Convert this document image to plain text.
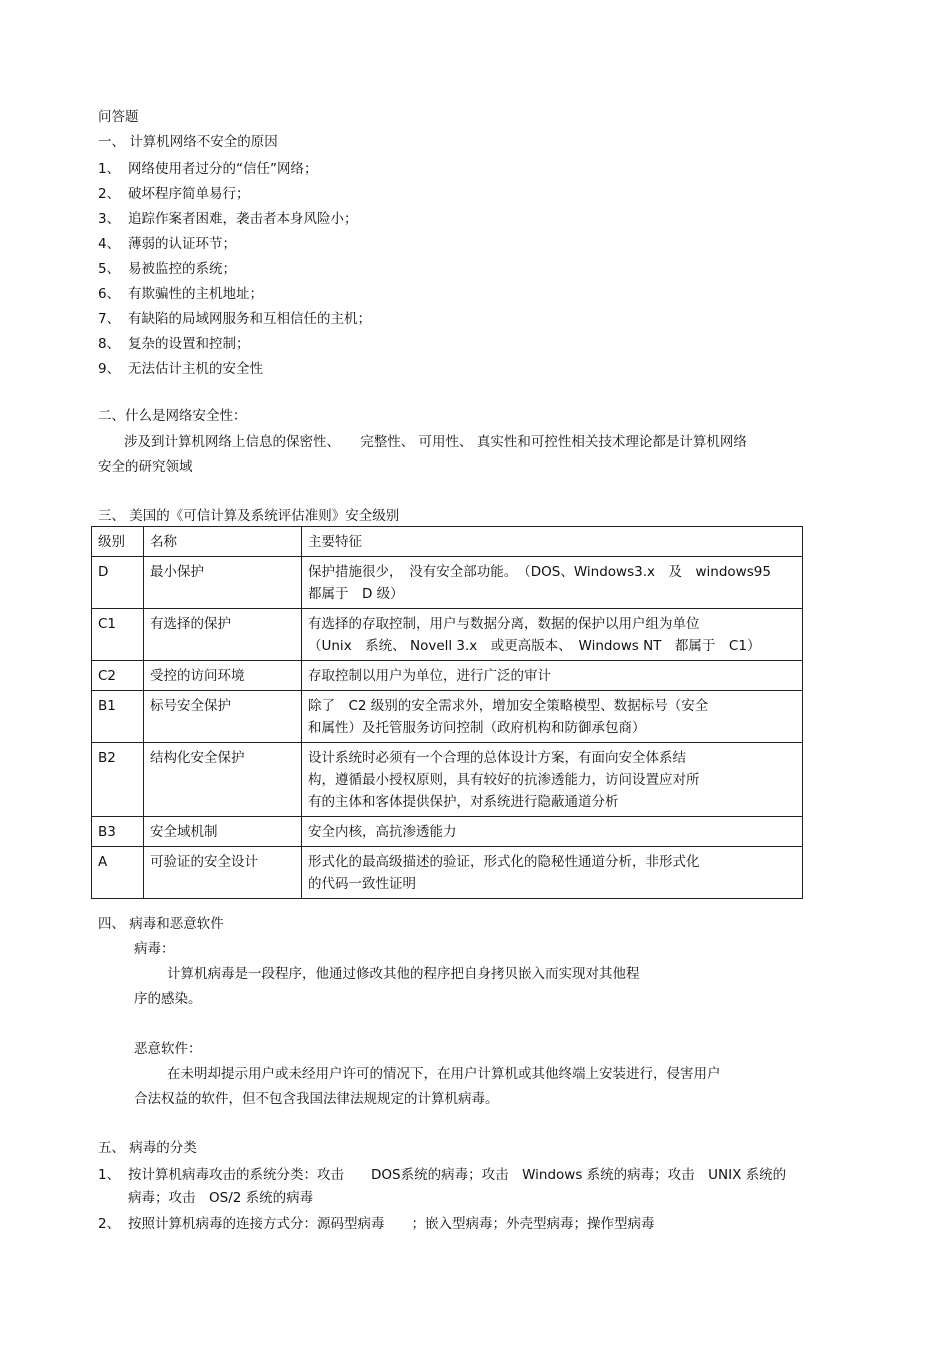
问答题
一、 计算机网络不安全的原因
1、 网络使用者过分的“信任”网络；
2、 破坏程序简单易行；
3、 追踪作案者困难，袭击者本身风险小；
4、 薄弱的认证环节；
5、 易被监控的系统；
6、 有欺骗性的主机地址；
7、 有缺陷的局域网服务和互相信任的主机；
8、 复杂的设置和控制；
9、 无法估计主机的安全性
二、什么是网络安全性：
涉及到计算机网络上信息的保密性、　　完整性、 可用性、 真实性和可控性相关技术理论都是计算机网络
安全的研究领域
三、 美国的《可信计算及系统评估准则》安全级别
级别	名称	主要特征
D	最小保护	保护措施很少，　没有安全部功能。　（DOS、Windows3.x　及　windows95
都属于　D 级）
C1	有选择的保护	有选择的存取控制，用户与数据分离，数据的保护以用户组为单位
（Unix　系统、 Novell 3.x　或更高版本、　Windows NT　都属于　C1）
C2	受控的访问环境	存取控制以用户为单位，进行广泛的审计
B1	标号安全保护	除了　C2 级别的安全需求外，增加安全策略模型、数据标号（安全
和属性）及托管服务访问控制（政府机构和防御承包商）
B2	结构化安全保护	设计系统时必须有一个合理的总体设计方案，有面向安全体系结
构，遵循最小授权原则，具有较好的抗渗透能力，访问设置应对所
有的主体和客体提供保护，对系统进行隐蔽通道分析
B3	安全域机制	安全内核，高抗渗透能力
A	可验证的安全设计	形式化的最高级描述的验证，形式化的隐秘性通道分析，非形式化
的代码一致性证明
四、 病毒和恶意软件
病毒：
计算机病毒是一段程序，他通过修改其他的程序把自身拷贝嵌入而实现对其他程
序的感染。
恶意软件：
在未明却提示用户或未经用户许可的情况下，在用户计算机或其他终端上安装进行，侵害用户
合法权益的软件，但不包含我国法律法规规定的计算机病毒。
五、 病毒的分类
1、 按计算机病毒攻击的系统分类：攻击　　DOS系统的病毒；攻击　Windows 系统的病毒；攻击　UNIX 系统的
病毒；攻击　OS/2 系统的病毒
2、 按照计算机病毒的连接方式分：源码型病毒　　；嵌入型病毒；外壳型病毒；操作型病毒
